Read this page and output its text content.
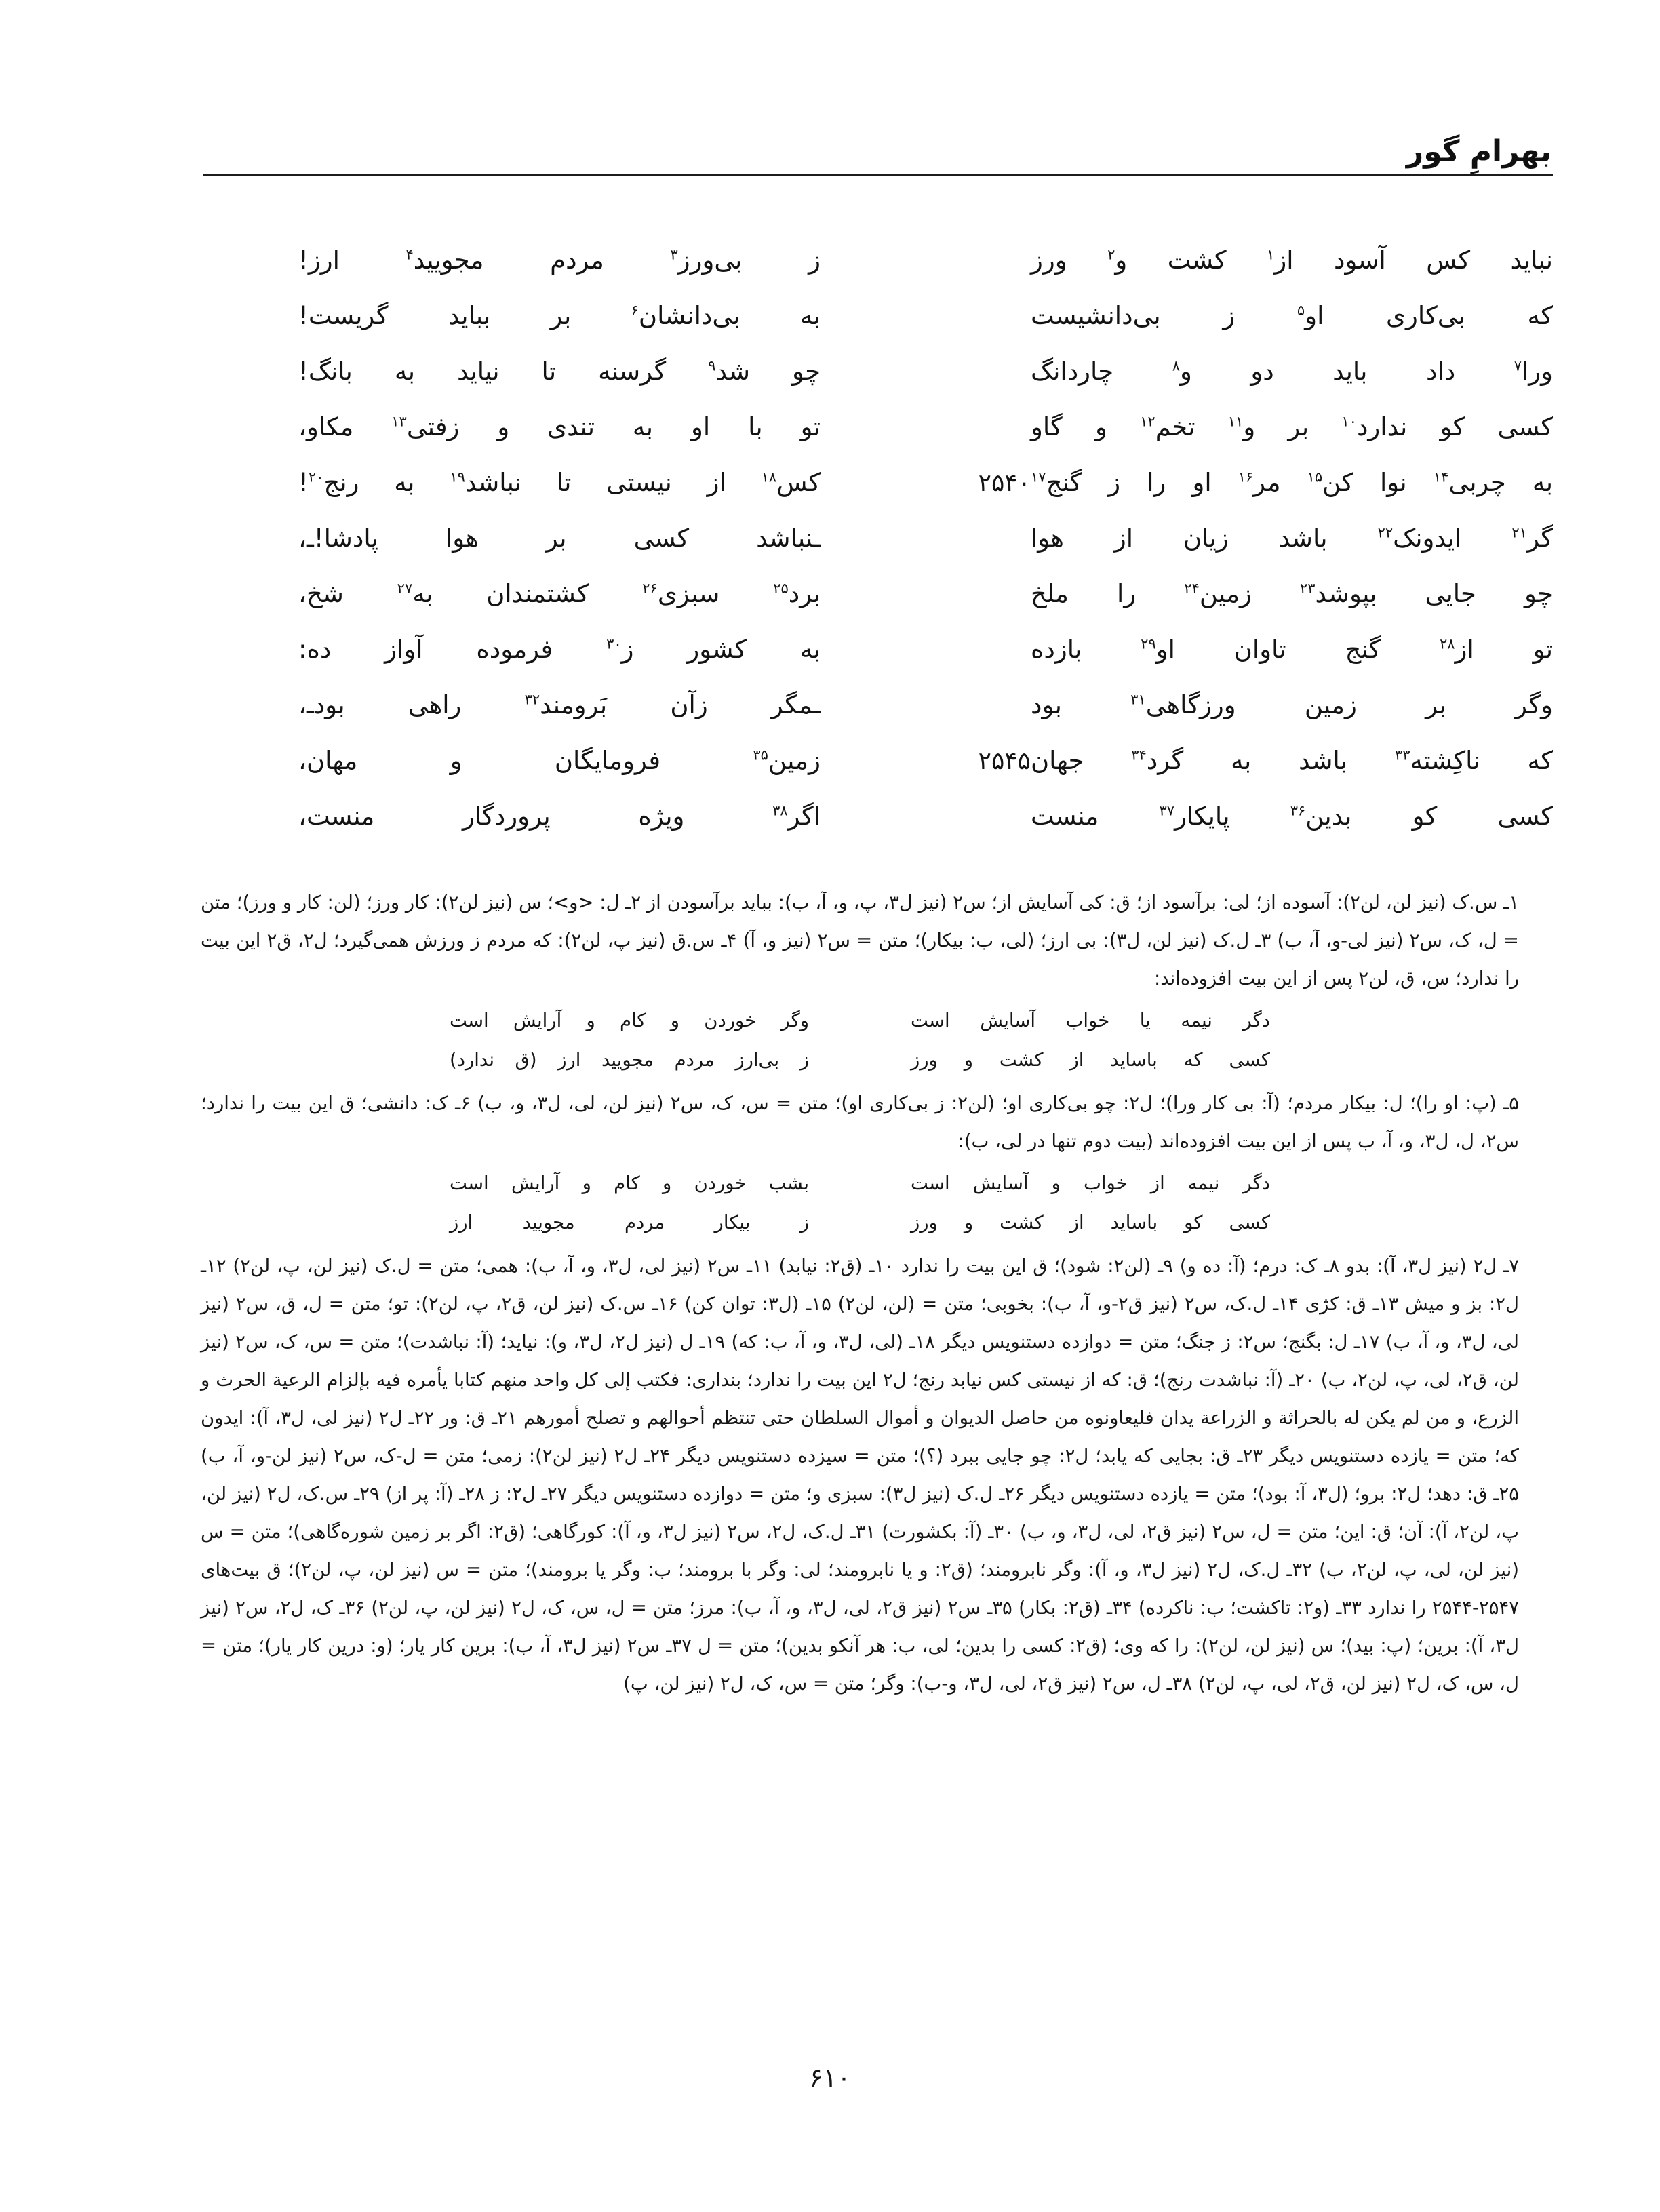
بهرامِ گور
نباید کس آسود از$^۱$ کشت و$^۲$ ورز
ز بی‌ورز$^۳$ مردم مجویید$^۴$ ارز!
که بی‌کاری او$^۵$ ز بی‌دانشیست
به بی‌دانشان$^۶$ بر بباید گریست!
ورا$^۷$ داد باید دو و$^۸$ چاردانگ
چو شد$^۹$ گرسنه تا نیاید به بانگ!
کسی کو ندارد$^{۱۰}$ بر و$^{۱۱}$ تخم$^{۱۲}$ و گاو
تو با او به تندی و زفتی$^{۱۳}$ مکاو،
به چربی$^{۱۴}$ نوا کن$^{۱۵}$ مر$^{۱۶}$ او را ز گنج$^{۱۷}$
۲۵۴۰
کس$^{۱۸}$ از نیستی تا نباشد$^{۱۹}$ به رنج$^{۲۰}$!
گر$^{۲۱}$ ایدونک$^{۲۲}$ باشد زیان از هوا
ـنباشد کسی بر هوا پادشا!ـ،
چو جایی بپوشد$^{۲۳}$ زمین$^{۲۴}$ را ملخ
برد$^{۲۵}$ سبزی$^{۲۶}$ کشتمندان به$^{۲۷}$ شخ،
تو از$^{۲۸}$ گنج تاوان او$^{۲۹}$ بازده
به کشور ز$^{۳۰}$ فرموده آواز ده:
وگر بر زمین ورزگاهی$^{۳۱}$ بود
ـمگر زآن بَرومند$^{۳۲}$ راهی بودـ،
که ناکِشته$^{۳۳}$ باشد به گرد$^{۳۴}$ جهان
۲۵۴۵
زمین$^{۳۵}$ فرومایگان و مهان،
کسی کو بدین$^{۳۶}$ پایکار$^{۳۷}$ منست
اگر$^{۳۸}$ ویژه پروردگار منست،

۱ـ س.ک (نیز لن، لن۲): آسوده از؛ لی: برآسود از؛ ق: کی آسایش از؛ س۲ (نیز ل۳، پ، و، آ، ب): بباید برآسودن از ۲ـ ل: <و>؛ س (نیز لن۲): کار ورز؛ (لن: کار و ورز)؛ متن = ل، ک، س۲ (نیز لی-و، آ، ب) ۳ـ ل.ک (نیز لن، ل۳): بی ارز؛ (لی، ب: بیکار)؛ متن = س۲ (نیز و، آ) ۴ـ س.ق (نیز پ، لن۲): که مردم ز ورزش همی‌گیرد؛ ل۲، ق۲ این بیت را ندارد؛ س، ق، لن۲ پس از این بیت افزوده‌اند:

دگر نیمه یا خواب آسایش است
وگر خوردن و کام و آرایش است
کسی که باساید از کشت و ورز
ز بی‌ارز مردم مجویید ارز (ق ندارد)

۵ـ (پ: او را)؛ ل: بیکار مردم؛ (آ: بی کار ورا)؛ ل۲: چو بی‌کاری او؛ (لن۲: ز بی‌کاری او)؛ متن = س، ک، س۲ (نیز لن، لی، ل۳، و، ب) ۶ـ ک: دانشی؛ ق این بیت را ندارد؛ س۲، ل، ل۳، و، آ، ب پس از این بیت افزوده‌اند (بیت دوم تنها در لی، ب):

دگر نیمه از خواب و آسایش است
بشب خوردن و کام و آرایش است
کسی کو باساید از کشت و ورز
ز بیکار مردم مجویید ارز

۷ـ ل۲ (نیز ل۳، آ): بدو ۸ـ ک: درم؛ (آ: ده و) ۹ـ (لن۲: شود)؛ ق این بیت را ندارد ۱۰ـ (ق۲: نیابد) ۱۱ـ س۲ (نیز لی، ل۳، و، آ، ب): همی؛ متن = ل.ک (نیز لن، پ، لن۲) ۱۲ـ ل۲: بز و میش ۱۳ـ ق: کژی ۱۴ـ ل.ک، س۲ (نیز ق۲-و، آ، ب): بخوبی؛ متن = (لن، لن۲) ۱۵ـ (ل۳: توان کن) ۱۶ـ س.ک (نیز لن، ق۲، پ، لن۲): تو؛ متن = ل، ق، س۲ (نیز لی، ل۳، و، آ، ب) ۱۷ـ ل: بگنج؛ س۲: ز جنگ؛ متن = دوازده دستنویس دیگر ۱۸ـ (لی، ل۳، و، آ، ب: که) ۱۹ـ ل (نیز ل۲، ل۳، و): نیاید؛ (آ: نباشدت)؛ متن = س، ک، س۲ (نیز لن، ق۲، لی، پ، لن۲، ب) ۲۰ـ (آ: نباشدت رنج)؛ ق: که از نیستی کس نیابد رنج؛ ل۲ این بیت را ندارد؛ بنداری: فكتب إلى كل واحد منهم كتابا يأمره فيه بإلزام الرعية الحرث و الزرع، و من لم يكن له بالحراثة و الزراعة يدان فليعاونوه من حاصل الديوان و أموال السلطان حتى تنتظم أحوالهم و تصلح أمورهم ۲۱ـ ق: ور ۲۲ـ ل۲ (نیز لی، ل۳، آ): ایدون که؛ متن = یازده دستنویس دیگر ۲۳ـ ق: بجایی که یابد؛ ل۲: چو جایی ببرد (؟)؛ متن = سیزده دستنویس دیگر ۲۴ـ ل۲ (نیز لن۲): زمی؛ متن = ل-ک، س۲ (نیز لن-و، آ، ب) ۲۵ـ ق: دهد؛ ل۲: برو؛ (ل۳، آ: بود)؛ متن = یازده دستنویس دیگر ۲۶ـ ل.ک (نیز ل۳): سبزی و؛ متن = دوازده دستنویس دیگر ۲۷ـ ل۲: ز ۲۸ـ (آ: پر از) ۲۹ـ س.ک، ل۲ (نیز لن، پ، لن۲، آ): آن؛ ق: این؛ متن = ل، س۲ (نیز ق۲، لی، ل۳، و، ب) ۳۰ـ (آ: بکشورت) ۳۱ـ ل.ک، ل۲، س۲ (نیز ل۳، و، آ): کورگاهی؛ (ق۲: اگر بر زمین شوره‌گاهی)؛ متن = س (نیز لن، لی، پ، لن۲، ب) ۳۲ـ ل.ک، ل۲ (نیز ل۳، و، آ): وگر نابرومند؛ (ق۲: و یا نابرومند؛ لی: وگر با برومند؛ ب: وگر یا برومند)؛ متن = س (نیز لن، پ، لن۲)؛ ق بیت‌های ۲۵۴۷-۲۵۴۴ را ندارد ۳۳ـ (و۲: تاکشت؛ ب: ناکرده) ۳۴ـ (ق۲: بکار) ۳۵ـ س۲ (نیز ق۲، لی، ل۳، و، آ، ب): مرز؛ متن = ل، س، ک، ل۲ (نیز لن، پ، لن۲) ۳۶ـ ک، ل۲، س۲ (نیز ل۳، آ): برین؛ (پ: بید)؛ س (نیز لن، لن۲): را که وی؛ (ق۲: کسی را بدین؛ لی، ب: هر آنکو بدین)؛ متن = ل ۳۷ـ س۲ (نیز ل۳، آ، ب): برین کار یار؛ (و: درین کار یار)؛ متن = ل، س، ک، ل۲ (نیز لن، ق۲، لی، پ، لن۲) ۳۸ـ ل، س۲ (نیز ق۲، لی، ل۳، و-ب): وگر؛ متن = س، ک، ل۲ (نیز لن، پ)

۶۱۰
